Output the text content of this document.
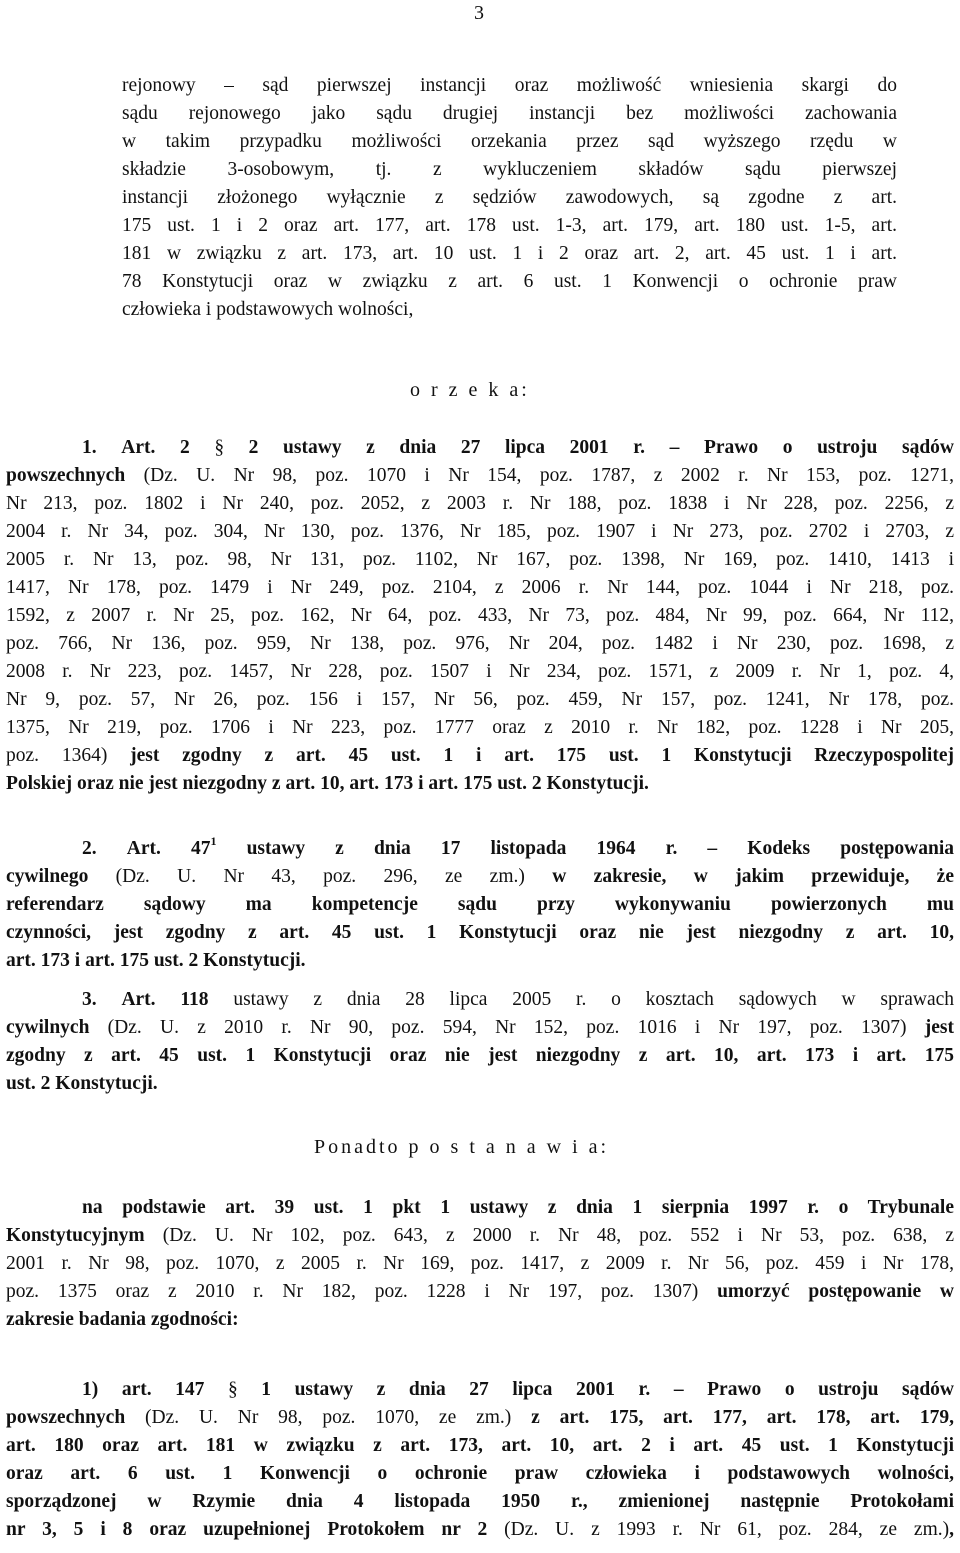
3
rejonowy – sąd pierwszej instancji oraz możliwość wniesienia skargi do
sądu rejonowego jako sądu drugiej instancji bez możliwości zachowania
w takim przypadku możliwości orzekania przez sąd wyższego rzędu w
składzie 3-osobowym, tj. z wykluczeniem składów sądu pierwszej
instancji złożonego wyłącznie z sędziów zawodowych, są zgodne z art.
175 ust. 1 i 2 oraz art. 177, art. 178 ust. 1-3, art. 179, art. 180 ust. 1-5, art.
181 w związku z art. 173, art. 10 ust. 1 i 2 oraz art. 2, art. 45 ust. 1 i art.
78 Konstytucji oraz w związku z art. 6 ust. 1 Konwencji o ochronie praw
człowieka i podstawowych wolności,
o r z e k a:
1. Art. 2 § 2 ustawy z dnia 27 lipca 2001 r. – Prawo o ustroju sądów
powszechnych (Dz. U. Nr 98, poz. 1070 i Nr 154, poz. 1787, z 2002 r. Nr 153, poz. 1271,
Nr 213, poz. 1802 i Nr 240, poz. 2052, z 2003 r. Nr 188, poz. 1838 i Nr 228, poz. 2256, z
2004 r. Nr 34, poz. 304, Nr 130, poz. 1376, Nr 185, poz. 1907 i Nr 273, poz. 2702 i 2703, z
2005 r. Nr 13, poz. 98, Nr 131, poz. 1102, Nr 167, poz. 1398, Nr 169, poz. 1410, 1413 i
1417, Nr 178, poz. 1479 i Nr 249, poz. 2104, z 2006 r. Nr 144, poz. 1044 i Nr 218, poz.
1592, z 2007 r. Nr 25, poz. 162, Nr 64, poz. 433, Nr 73, poz. 484, Nr 99, poz. 664, Nr 112,
poz. 766, Nr 136, poz. 959, Nr 138, poz. 976, Nr 204, poz. 1482 i Nr 230, poz. 1698, z
2008 r. Nr 223, poz. 1457, Nr 228, poz. 1507 i Nr 234, poz. 1571, z 2009 r. Nr 1, poz. 4,
Nr 9, poz. 57, Nr 26, poz. 156 i 157, Nr 56, poz. 459, Nr 157, poz. 1241, Nr 178, poz.
1375, Nr 219, poz. 1706 i Nr 223, poz. 1777 oraz z 2010 r. Nr 182, poz. 1228 i Nr 205,
poz. 1364) jest zgodny z art. 45 ust. 1 i art. 175 ust. 1 Konstytucji Rzeczypospolitej
Polskiej oraz nie jest niezgodny z art. 10, art. 173 i art. 175 ust. 2 Konstytucji.
2. Art. $47^1$ ustawy z dnia 17 listopada 1964 r. – Kodeks postępowania
cywilnego (Dz. U. Nr 43, poz. 296, ze zm.) w zakresie, w jakim przewiduje, że
referendarz sądowy ma kompetencje sądu przy wykonywaniu powierzonych mu
czynności, jest zgodny z art. 45 ust. 1 Konstytucji oraz nie jest niezgodny z art. 10,
art. 173 i art. 175 ust. 2 Konstytucji.
3. Art. 118 ustawy z dnia 28 lipca 2005 r. o kosztach sądowych w sprawach
cywilnych (Dz. U. z 2010 r. Nr 90, poz. 594, Nr 152, poz. 1016 i Nr 197, poz. 1307) jest
zgodny z art. 45 ust. 1 Konstytucji oraz nie jest niezgodny z art. 10, art. 173 i art. 175
ust. 2 Konstytucji.
Ponadto p o s t a n a w i a:
na podstawie art. 39 ust. 1 pkt 1 ustawy z dnia 1 sierpnia 1997 r. o Trybunale
Konstytucyjnym (Dz. U. Nr 102, poz. 643, z 2000 r. Nr 48, poz. 552 i Nr 53, poz. 638, z
2001 r. Nr 98, poz. 1070, z 2005 r. Nr 169, poz. 1417, z 2009 r. Nr 56, poz. 459 i Nr 178,
poz. 1375 oraz z 2010 r. Nr 182, poz. 1228 i Nr 197, poz. 1307) umorzyć postępowanie w
zakresie badania zgodności:
1) art. 147 § 1 ustawy z dnia 27 lipca 2001 r. – Prawo o ustroju sądów
powszechnych (Dz. U. Nr 98, poz. 1070, ze zm.) z art. 175, art. 177, art. 178, art. 179,
art. 180 oraz art. 181 w związku z art. 173, art. 10, art. 2 i art. 45 ust. 1 Konstytucji
oraz art. 6 ust. 1 Konwencji o ochronie praw człowieka i podstawowych wolności,
sporządzonej w Rzymie dnia 4 listopada 1950 r., zmienionej następnie Protokołami
nr 3, 5 i 8 oraz uzupełnionej Protokołem nr 2 (Dz. U. z 1993 r. Nr 61, poz. 284, ze zm.),
